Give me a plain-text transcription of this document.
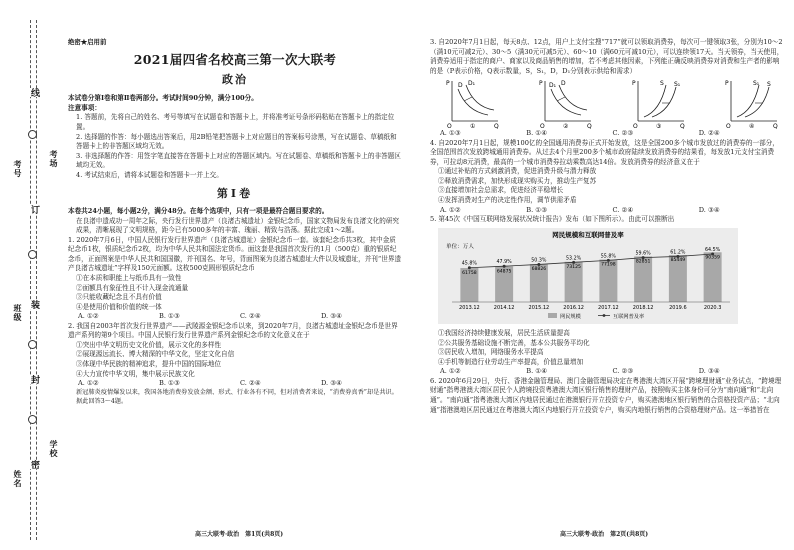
姓名
班级
考号
考场
学校
线
订
装
封
密
绝密★启用前
2021届四省名校高三第一次大联考
政治
本试卷分第Ⅰ卷和第Ⅱ卷两部分。考试时间90分钟，满分100分。
注意事项：
1. 答题前，先将自己的姓名、考号等填写在试题卷和答题卡上，并将准考证号条形码粘贴在答题卡上的指定位置。
2. 选择题的作答：每小题选出答案后，用2B铅笔把答题卡上对应题目的答案标号涂黑，写在试题卷、草稿纸和答题卡上的非答题区域均无效。
3. 非选择题的作答：用签字笔直接答在答题卡上对应的答题区域内。写在试题卷、草稿纸和答题卡上的非答题区域均无效。
4. 考试结束后，请将本试题卷和答题卡一并上交。
第Ⅰ卷
本卷共24小题，每小题2分，满分48分。在每个选项中，只有一项是最符合题目要求的。
在良渚申遗成功一周年之际，央行发行世界遗产（良渚古城遗址）金银纪念币，国家文物局发布良渚文化的研究成果，清晰展现了文明规格，距今已有5000多年的丰富、瑰丽、精致与浩荡。据此完成1～2题。
1. 2020年7月6日，中国人民银行发行世界遗产（良渚古城遗址）金银纪念币一套。该套纪念币共3枚，其中金质纪念币1枚，银质纪念币2枚，均为中华人民共和国法定货币。面这套是我国首次发行的1月（500克）重的银质纪念币，正面图案是中华人民共和国国徽，并刊国名、年号，背面图案为良渚古城遗址大件以及城遗址，并刊“世界遗产良渚古城遗址”字样及150元面额。这枚500克圆形银质纪念币
①在本质和职能上与纸币具有一致性
②面额具有象征性且不计入现金流通量
③只能收藏纪念且不具有价值
④是使用价值和价值的统一体
A. ①②	B. ①③	C. ②④	D. ③④
2. 我国自2003年首次发行世界遗产——武陵源金银纪念币以来，到2020年7月，良渚古城遗址金银纪念币是世界遗产系列的第9个项目。中国人民银行发行世界遗产系列金银纪念币的文化意义在于
①突出中华文明历史文化价值，展示文化的多样性
②展现源远流长、博大精深的中华文化，坚定文化自信
③体现中华民族的精神追求，提升中国的国际地位
④大力宣传中华文明，集中展示民族文化
A. ①②	B. ①③	C. ②④	D. ③④
新冠肺炎疫情爆发以来，我国各地消费券发放金额、形式、行业各有不同，但对消费者来说，“消费券真香”却是共识。据此回答3～4题。
高三大联考·政治　第1页(共8页)
3. 自2020年7月1日起，每天8点、12点，用户上支付宝搜“717”就可以领取消费券，每次可一键领取3张，分别为10～2（满10元可减2元）、30～5（满30元可减5元）、60～10（满60元可减10元），可以连续领17天。当天领券，当天使用，消费券适用于指定的商户、商家以及商品销售的增加，若不考虑其他因素，下列能正确反映消费券对消费和生产者的影响的是（P表示价格，Q表示数量，S，S₁，D，D₁分别表示供给和需求）
P
Q
O
D D₁
①
P
Q
O
D
D₁
②
P
Q
O
S S₁
③
P
Q
O
S
S₁
④
A. ①③	B. ①④	C. ②③	D. ②④
4. 自2020年7月1日起，规模100亿的全国通用消费券正式开始发放，这是全国200多个城市发放过的消费券的一部分，全国范围首次发放跨城通用消费券。从过去4个月里200多个城市政府陆续发放消费券的结果看，每发放1元支付宝消费券，可拉动8元消费，最高的一个城市消费券拉动乘数高达14倍。发放消费券的经济意义在于
①通过补贴的方式刺激消费，促进消费升级与潜力释放
②释放消费需求，加快形成现实购买力，推动生产复苏
③直接增加社会总需求，促进经济平稳增长
④发挥消费对生产的决定性作用，调节供需矛盾
A. ①②	B. ①③	C. ②④	D. ③④
5. 第45次《中国互联网络发展状况统计报告》发布（如下图所示）。由此可以推断出
网民规模和互联网普及率
单位：万人
61758
2013.12
64875
2014.12
68826
2015.12
73125
2016.12
77198
2017.12
82851
2018.12
85449
2019.6
90359
2020.3
45.8%	47.9%	50.3%	53.2%	55.8%
59.6%	61.2%	64.5%
网民规模	互联网普及率
①我国经济持续健康发展，居民生活质量提高
②公共服务基础设施不断完善，基本公共服务平均化
③居民收入增加，网络服务水平提高
④手机等制造行业劳动生产率提高，价值总量增加
A. ①②	B. ①④	C. ②③	D. ③④
6. 2020年6月29日，央行、香港金融管理局、澳门金融管理局决定在粤港澳大湾区开展“跨境理财通”业务试点，“跨境理财通”指粤港澳大湾区居民个人跨境投资粤港澳大湾区银行销售的理财产品，按照购买主体身份可分为“南向通”和“北向通”。“南向通”指粤港澳大湾区内地居民通过在港澳银行开立投资专户，购买港澳地区银行销售的合资格投资产品；“北向通”指港澳地区居民通过在粤港澳大湾区内地银行开立投资专户，购买内地银行销售的合资格理财产品。这一举措旨在
高三大联考·政治　第2页(共8页)
